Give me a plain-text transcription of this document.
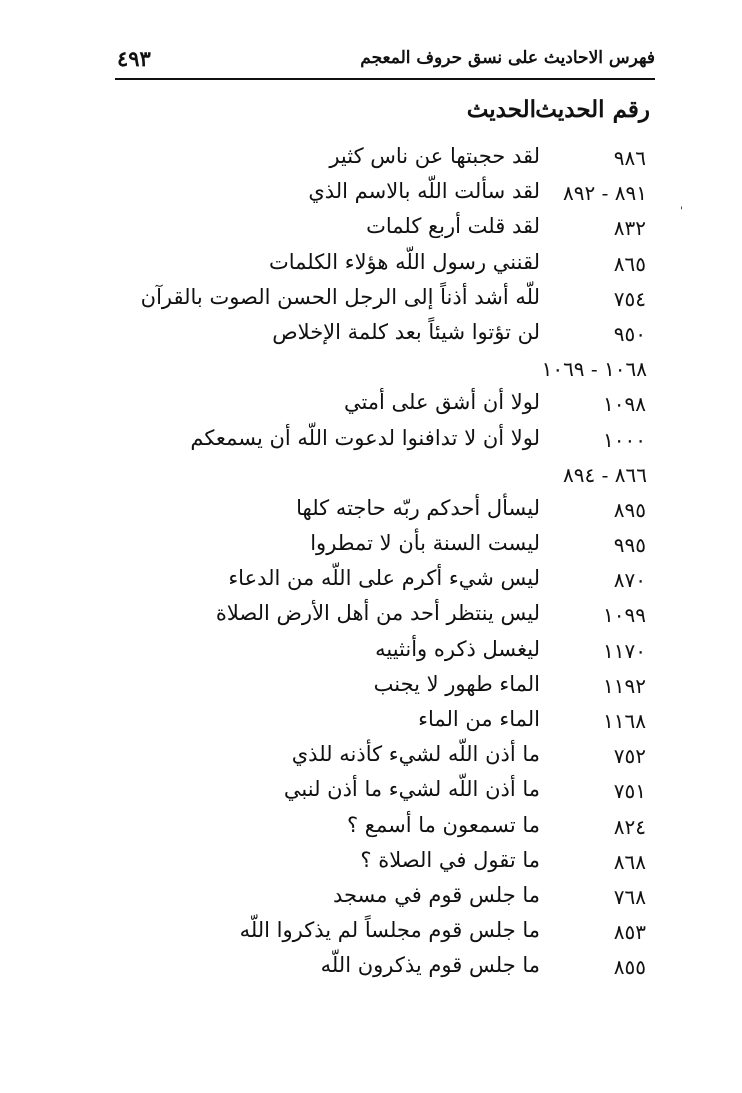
فهرس الاحاديث على نسق حروف المعجم
٤٩٣
رقم الحديث
الحديث
٩٨٦
لقد حجبتها عن ناس كثير
٨٩١ - ٨٩٢
لقد سألت اللّه بالاسم الذي
٨٣٢
لقد قلت أربع كلمات
٨٦٥
لقنني رسول اللّه هؤلاء الكلمات
٧٥٤
للّه أشد أذناً إلى الرجل الحسن الصوت بالقرآن
٩٥٠
لن تؤتوا شيئاً بعد كلمة الإخلاص
١٠٦٨ - ١٠٦٩
١٠٩٨
لولا أن أشق على أمتي
١٠٠٠
لولا أن لا تدافنوا لدعوت اللّه أن يسمعكم
٨٦٦ - ٨٩٤
٨٩٥
ليسأل أحدكم ربّه حاجته كلها
٩٩٥
ليست السنة بأن لا تمطروا
٨٧٠
ليس شيء أكرم على اللّه من الدعاء
١٠٩٩
ليس ينتظر أحد من أهل الأرض الصلاة
١١٧٠
ليغسل ذكره وأنثييه
١١٩٢
الماء طهور لا يجنب
١١٦٨
الماء من الماء
٧٥٢
ما أذن اللّه لشيء كأذنه للذي
٧٥١
ما أذن اللّه لشيء ما أذن لنبي
٨٢٤
ما تسمعون ما أسمع ؟
٨٦٨
ما تقول في الصلاة ؟
٧٦٨
ما جلس قوم في مسجد
٨٥٣
ما جلس قوم مجلساً لم يذكروا اللّه
٨٥٥
ما جلس قوم يذكرون اللّه
'
